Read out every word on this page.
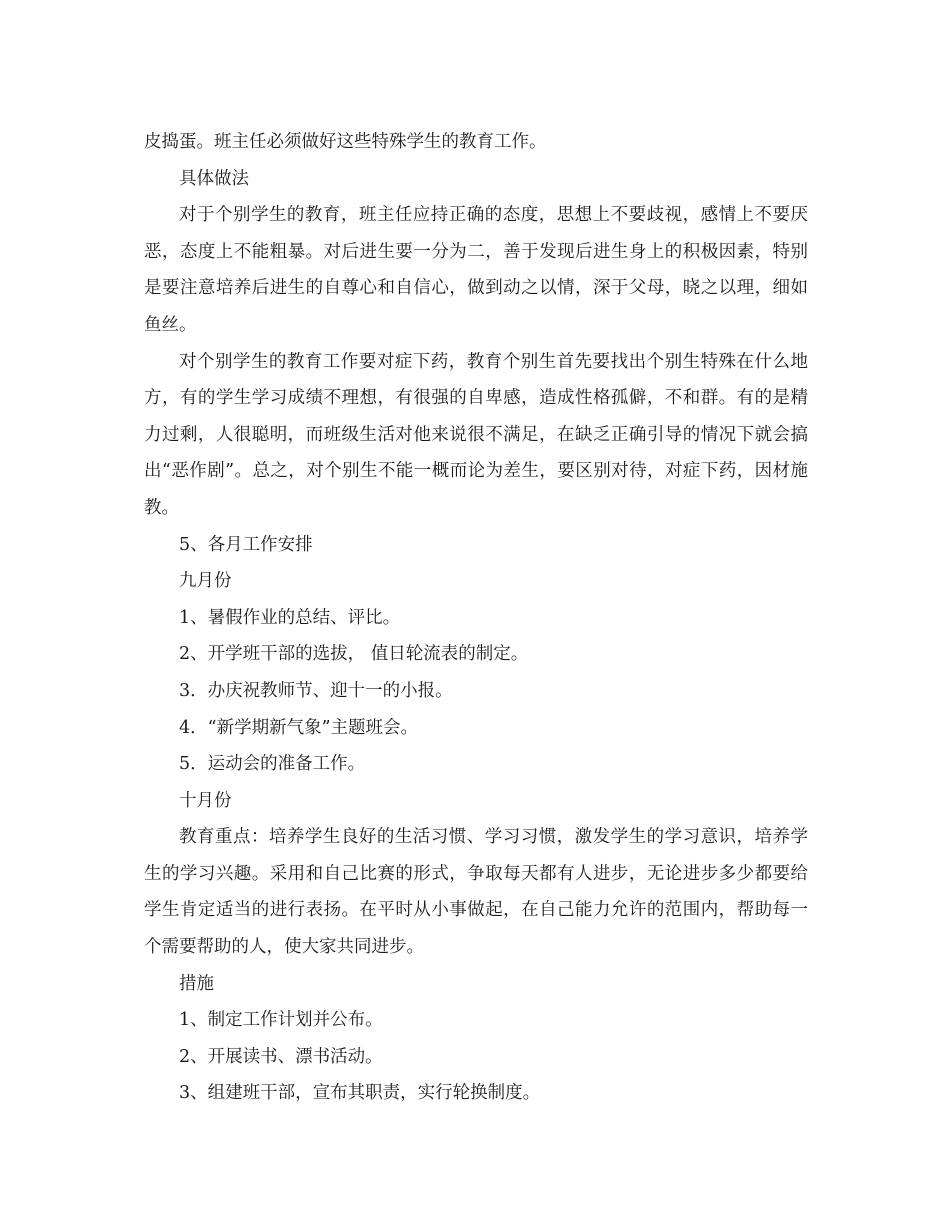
皮捣蛋。班主任必须做好这些特殊学生的教育工作。

具体做法

对于个别学生的教育，班主任应持正确的态度，思想上不要歧视，感情上不要厌恶，态度上不能粗暴。对后进生要一分为二，善于发现后进生身上的积极因素，特别是要注意培养后进生的自尊心和自信心，做到动之以情，深于父母，晓之以理，细如鱼丝。

对个别学生的教育工作要对症下药，教育个别生首先要找出个别生特殊在什么地方，有的学生学习成绩不理想，有很强的自卑感，造成性格孤僻，不和群。有的是精力过剩，人很聪明，而班级生活对他来说很不满足，在缺乏正确引导的情况下就会搞出“恶作剧”。总之，对个别生不能一概而论为差生，要区别对待，对症下药，因材施教。

5、各月工作安排

九月份

1、暑假作业的总结、评比。

2、开学班干部的选拔， 值日轮流表的制定。

3．办庆祝教师节、迎十一的小报。

4．“新学期新气象”主题班会。

5．运动会的准备工作。

十月份

教育重点：培养学生良好的生活习惯、学习习惯，激发学生的学习意识，培养学生的学习兴趣。采用和自己比赛的形式，争取每天都有人进步，无论进步多少都要给学生肯定适当的进行表扬。在平时从小事做起，在自己能力允许的范围内，帮助每一个需要帮助的人，使大家共同进步。

措施

1、制定工作计划并公布。

2、开展读书、漂书活动。

3、组建班干部，宣布其职责，实行轮换制度。
